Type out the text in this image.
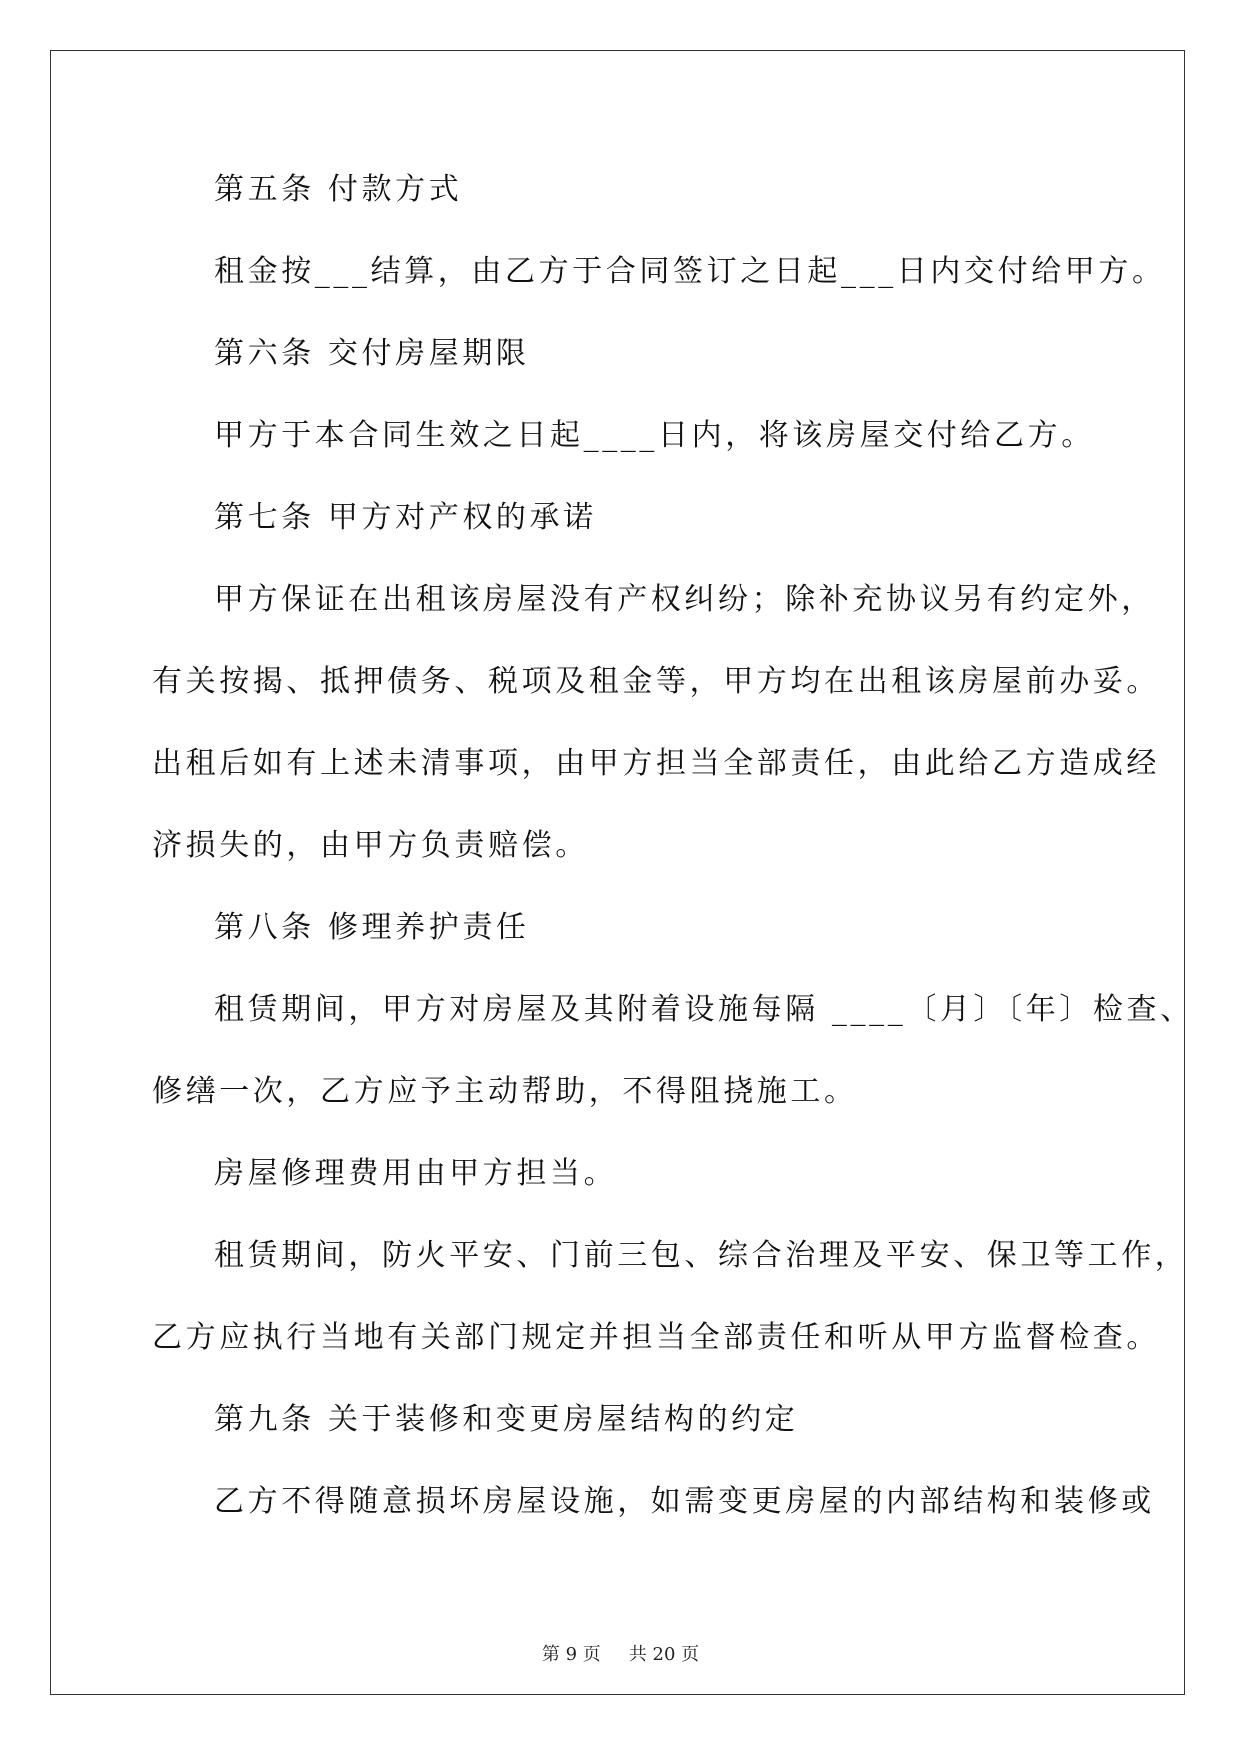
第五条 付款方式
租金按___结算，由乙方于合同签订之日起___日内交付给甲方。
第六条 交付房屋期限
甲方于本合同生效之日起____日内，将该房屋交付给乙方。
第七条 甲方对产权的承诺
甲方保证在出租该房屋没有产权纠纷；除补充协议另有约定外，
有关按揭、抵押债务、税项及租金等，甲方均在出租该房屋前办妥。
出租后如有上述未清事项，由甲方担当全部责任，由此给乙方造成经
济损失的，由甲方负责赔偿。
第八条 修理养护责任
租赁期间，甲方对房屋及其附着设施每隔 ____〔月〕〔年〕检查、
修缮一次，乙方应予主动帮助，不得阻挠施工。
房屋修理费用由甲方担当。
租赁期间，防火平安、门前三包、综合治理及平安、保卫等工作，
乙方应执行当地有关部门规定并担当全部责任和听从甲方监督检查。
第九条 关于装修和变更房屋结构的约定
乙方不得随意损坏房屋设施，如需变更房屋的内部结构和装修或
第 9 页 共 20 页
